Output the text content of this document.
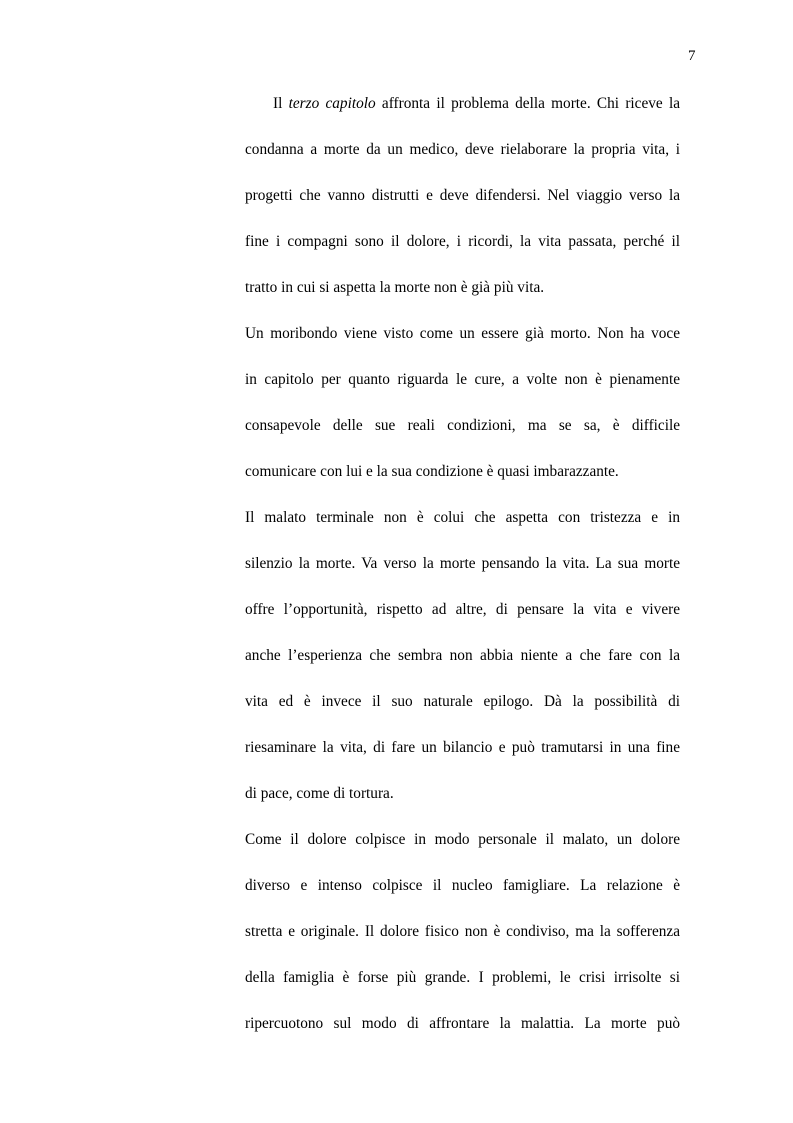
7
Il terzo capitolo affronta il problema della morte. Chi riceve la
condanna a morte da un medico, deve rielaborare la propria vita, i
progetti che vanno distrutti e deve difendersi. Nel viaggio verso la
fine i compagni sono il dolore, i ricordi, la vita passata, perché il
tratto in cui si aspetta la morte non è già più vita.
Un moribondo viene visto come un essere già morto. Non ha voce
in capitolo per quanto riguarda le cure, a volte non è pienamente
consapevole delle sue reali condizioni, ma se sa, è difficile
comunicare con lui e la sua condizione è quasi imbarazzante.
Il malato terminale non è colui che aspetta con tristezza e in
silenzio la morte. Va verso la morte pensando la vita. La sua morte
offre l’opportunità, rispetto ad altre, di pensare la vita e vivere
anche l’esperienza che sembra non abbia niente a che fare con la
vita ed è invece il suo naturale epilogo. Dà la possibilità di
riesaminare la vita, di fare un bilancio e può tramutarsi in una fine
di pace, come di tortura.
Come il dolore colpisce in modo personale il malato, un dolore
diverso e intenso colpisce il nucleo famigliare. La relazione è
stretta e originale. Il dolore fisico non è condiviso, ma la sofferenza
della famiglia è forse più grande. I problemi, le crisi irrisolte si
ripercuotono sul modo di affrontare la malattia. La morte può
